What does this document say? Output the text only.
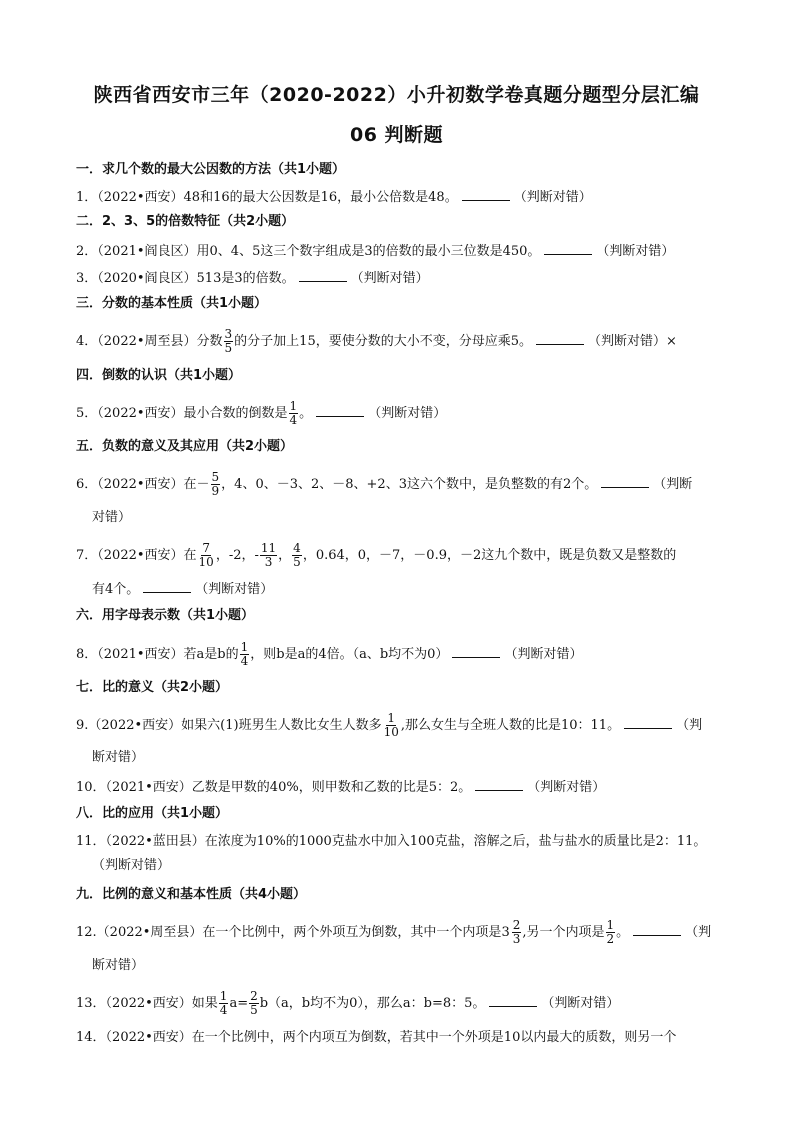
陕西省西安市三年（2020-2022）小升初数学卷真题分题型分层汇编
06 判断题
一．求几个数的最大公因数的方法（共1小题）
1．（2022•西安）48和16的最大公因数是16，最小公倍数是48。	（判断对错）
二．2、3、5的倍数特征（共2小题）
2．（2021•阎良区）用0、4、5这三个数字组成是3的倍数的最小三位数是450。	（判断对错）
3．（2020•阎良区）513是3的倍数。	（判断对错）
三．分数的基本性质（共1小题）
4．（2022•周至县）分数 $\frac{3}{5}$ 的分子加上15，要使分数的大小不变，分母应乘5。	（判断对错）×
四．倒数的认识（共1小题）
5．（2022•西安）最小合数的倒数是 $\frac{1}{4}$ 。	（判断对错）
五．负数的意义及其应用（共2小题）
6．（2022•西安）在－ $\frac{5}{9}$ ，4、0、－3、2、－8、+2、3这六个数中，是负整数的有2个。	（判断
对错）
7．（2022•西安）在 $\frac{7}{10}$ ，-2，- $\frac{11}{3}$ ， $\frac{4}{5}$ ，0.64，0，－7，－0.9，－2这九个数中，既是负数又是整数的
有4个。	（判断对错）
六．用字母表示数（共1小题）
8．（2021•西安）若a是b的 $\frac{1}{4}$ ，则b是a的4倍。（a、b均不为0）	（判断对错）
七．比的意义（共2小题）
9.（2022•西安）如果六(1)班男生人数比女生人数多 $\frac{1}{10}$ ,那么女生与全班人数的比是10：11。	（判
断对错）
10．（2021•西安）乙数是甲数的40%，则甲数和乙数的比是5：2。	（判断对错）
八．比的应用（共1小题）
11．（2022•蓝田县）在浓度为10%的1000克盐水中加入100克盐，溶解之后，盐与盐水的质量比是2：11。
（判断对错）
九．比例的意义和基本性质（共4小题）
12.（2022•周至县）在一个比例中，两个外项互为倒数，其中一个内项是$3 \frac{2}{3}$ ,另一个内项是 $\frac{1}{2}$ 。	（判
断对错）
13．（2022•西安）如果 $\frac{1}{4} a= \frac{2}{5} b(a$，b均不为0），那么a：b=8：5。	（判断对错）
14．（2022•西安）在一个比例中，两个内项互为倒数，若其中一个外项是10以内最大的质数，则另一个
